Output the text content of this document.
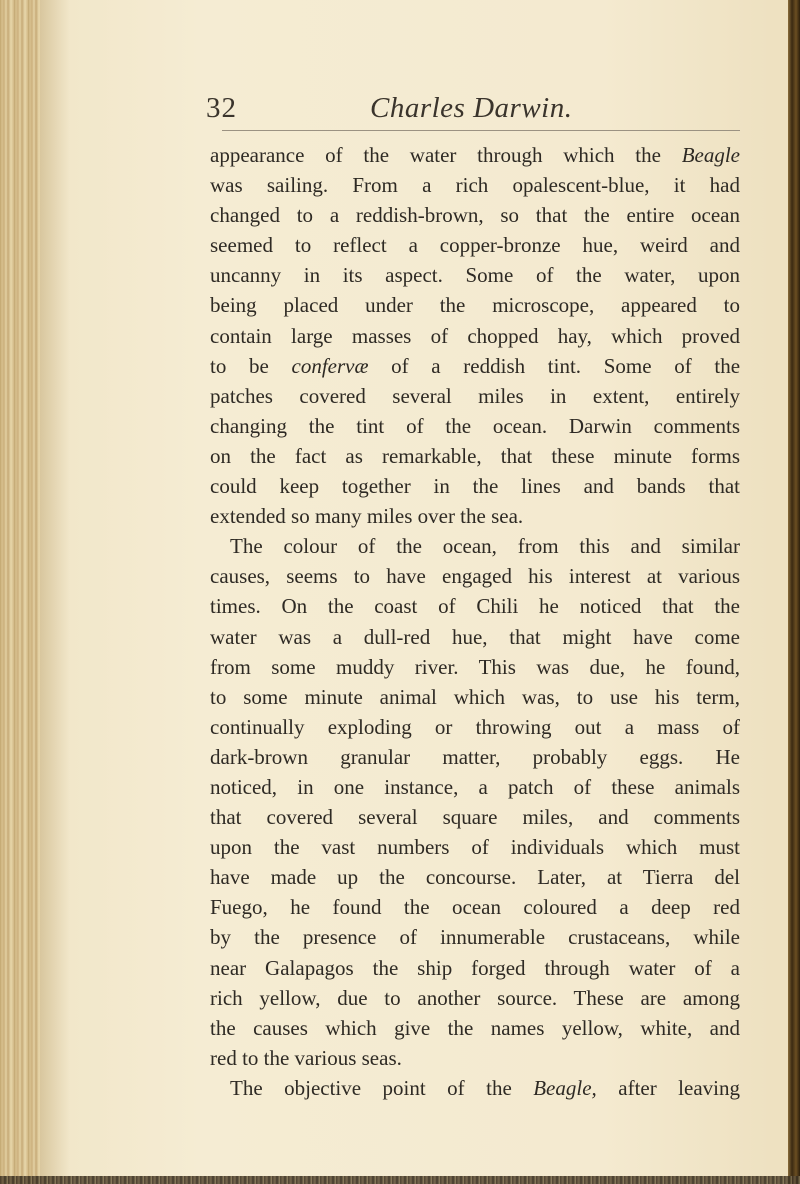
32	Charles Darwin.
appearance of the water through which the Beagle
was sailing. From a rich opalescent-blue, it had
changed to a reddish-brown, so that the entire ocean
seemed to reflect a copper-bronze hue, weird and
uncanny in its aspect. Some of the water, upon
being placed under the microscope, appeared to
contain large masses of chopped hay, which proved
to be confervæ of a reddish tint. Some of the
patches covered several miles in extent, entirely
changing the tint of the ocean. Darwin comments
on the fact as remarkable, that these minute forms
could keep together in the lines and bands that
extended so many miles over the sea.
The colour of the ocean, from this and similar
causes, seems to have engaged his interest at various
times. On the coast of Chili he noticed that the
water was a dull-red hue, that might have come
from some muddy river. This was due, he found,
to some minute animal which was, to use his term,
continually exploding or throwing out a mass of
dark-brown granular matter, probably eggs. He
noticed, in one instance, a patch of these animals
that covered several square miles, and comments
upon the vast numbers of individuals which must
have made up the concourse. Later, at Tierra del
Fuego, he found the ocean coloured a deep red
by the presence of innumerable crustaceans, while
near Galapagos the ship forged through water of a
rich yellow, due to another source. These are among
the causes which give the names yellow, white, and
red to the various seas.
The objective point of the Beagle, after leaving
